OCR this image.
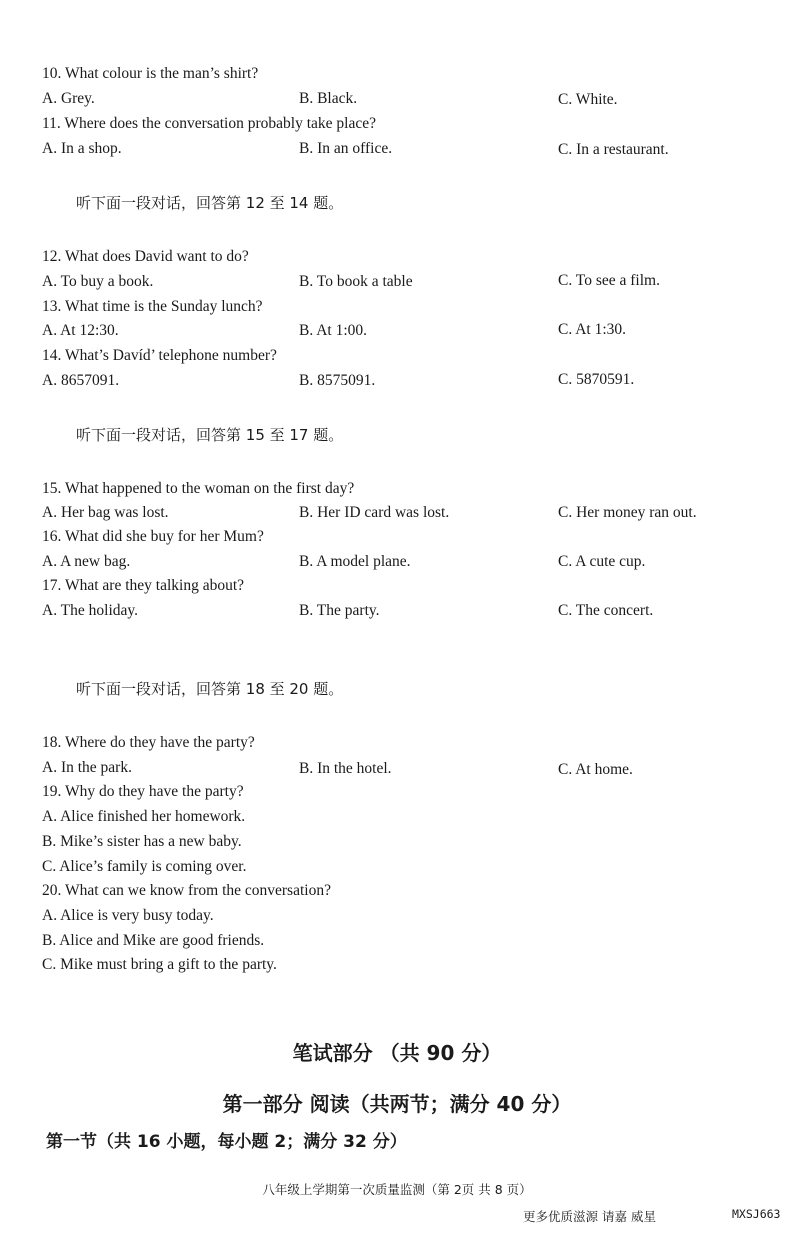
10. What colour is the man’s shirt?
A. Grey.	B. Black.	C. White.
11. Where does the conversation probably take place?
A. In a shop.	B. In an office.	C. In a restaurant.
听下面一段对话，回答第 12 至 14 题。
12. What does David want to do?
A. To buy a book.	B. To book a table	C. To see a film.
13. What time is the Sunday lunch?
A. At 12:30.	B. At 1:00.	C. At 1:30.
14. What’s Davíd’ telephone number?
A. 8657091.	B. 8575091.	C. 5870591.
听下面一段对话，回答第 15 至 17 题。
15. What happened to the woman on the first day?
A. Her bag was lost.	B. Her ID card was lost.	C. Her money ran out.
16. What did she buy for her Mum?
A. A new bag.	B. A model plane.	C. A cute cup.
17. What are they talking about?
A. The holiday.	B. The party.	C. The concert.
听下面一段对话，回答第 18 至 20 题。
18. Where do they have the party?
A. In the park.	B. In the hotel.	C. At home.
19. Why do they have the party?
A. Alice finished her homework.
B. Mike’s sister has a new baby.
C. Alice’s family is coming over.
20. What can we know from the conversation?
A. Alice is very busy today.
B. Alice and Mike are good friends.
C. Mike must bring a gift to the party.
笔试部分 （共 90 分）
第一部分 阅读（共两节；满分 40 分）
第一节（共 16 小题，每小题 2；满分 32 分）
八年级上学期第一次质量监测（第 2页 共 8 页）
更多优质滋源 请嘉 威星	MXSJ663
